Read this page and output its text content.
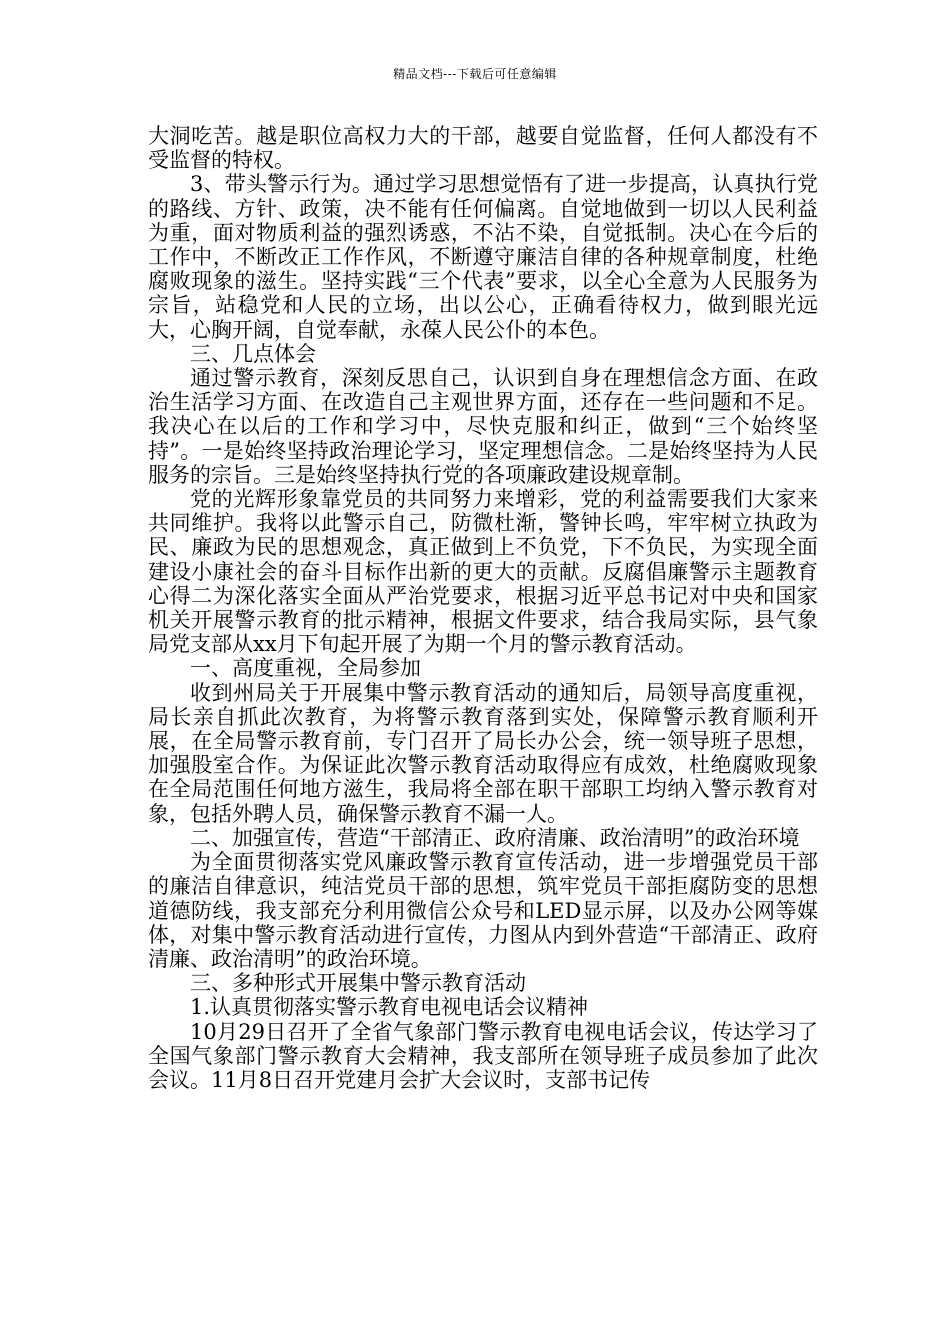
精品文档---下载后可任意编辑

大洞吃苦。越是职位高权力大的干部，越要自觉监督，任何人都没有不受监督的特权。

3、带头警示行为。通过学习思想觉悟有了进一步提高，认真执行党的路线、方针、政策，决不能有任何偏离。自觉地做到一切以人民利益为重，面对物质利益的强烈诱惑，不沾不染，自觉抵制。决心在今后的工作中，不断改正工作作风，不断遵守廉洁自律的各种规章制度，杜绝腐败现象的滋生。坚持实践“三个代表”要求，以全心全意为人民服务为宗旨，站稳党和人民的立场，出以公心，正确看待权力，做到眼光远大，心胸开阔，自觉奉献，永葆人民公仆的本色。

三、几点体会

通过警示教育，深刻反思自己，认识到自身在理想信念方面、在政治生活学习方面、在改造自己主观世界方面，还存在一些问题和不足。我决心在以后的工作和学习中，尽快克服和纠正，做到“三个始终坚持”。一是始终坚持政治理论学习，坚定理想信念。二是始终坚持为人民服务的宗旨。三是始终坚持执行党的各项廉政建设规章制。

党的光辉形象靠党员的共同努力来增彩，党的利益需要我们大家来共同维护。我将以此警示自己，防微杜渐，警钟长鸣，牢牢树立执政为民、廉政为民的思想观念，真正做到上不负党，下不负民，为实现全面建设小康社会的奋斗目标作出新的更大的贡献。反腐倡廉警示主题教育心得二为深化落实全面从严治党要求，根据习近平总书记对中央和国家机关开展警示教育的批示精神，根据文件要求，结合我局实际，县气象局党支部从xx月下旬起开展了为期一个月的警示教育活动。

一、高度重视，全局参加

收到州局关于开展集中警示教育活动的通知后，局领导高度重视，局长亲自抓此次教育，为将警示教育落到实处，保障警示教育顺利开展，在全局警示教育前，专门召开了局长办公会，统一领导班子思想，加强股室合作。为保证此次警示教育活动取得应有成效，杜绝腐败现象在全局范围任何地方滋生，我局将全部在职干部职工均纳入警示教育对象，包括外聘人员，确保警示教育不漏一人。

二、加强宣传，营造“干部清正、政府清廉、政治清明”的政治环境

为全面贯彻落实党风廉政警示教育宣传活动，进一步增强党员干部的廉洁自律意识，纯洁党员干部的思想，筑牢党员干部拒腐防变的思想道德防线，我支部充分利用微信公众号和LED显示屏，以及办公网等媒体，对集中警示教育活动进行宣传，力图从内到外营造“干部清正、政府清廉、政治清明”的政治环境。

三、多种形式开展集中警示教育活动

1.认真贯彻落实警示教育电视电话会议精神

10月29日召开了全省气象部门警示教育电视电话会议，传达学习了全国气象部门警示教育大会精神，我支部所在领导班子成员参加了此次会议。11月8日召开党建月会扩大会议时，支部书记传
